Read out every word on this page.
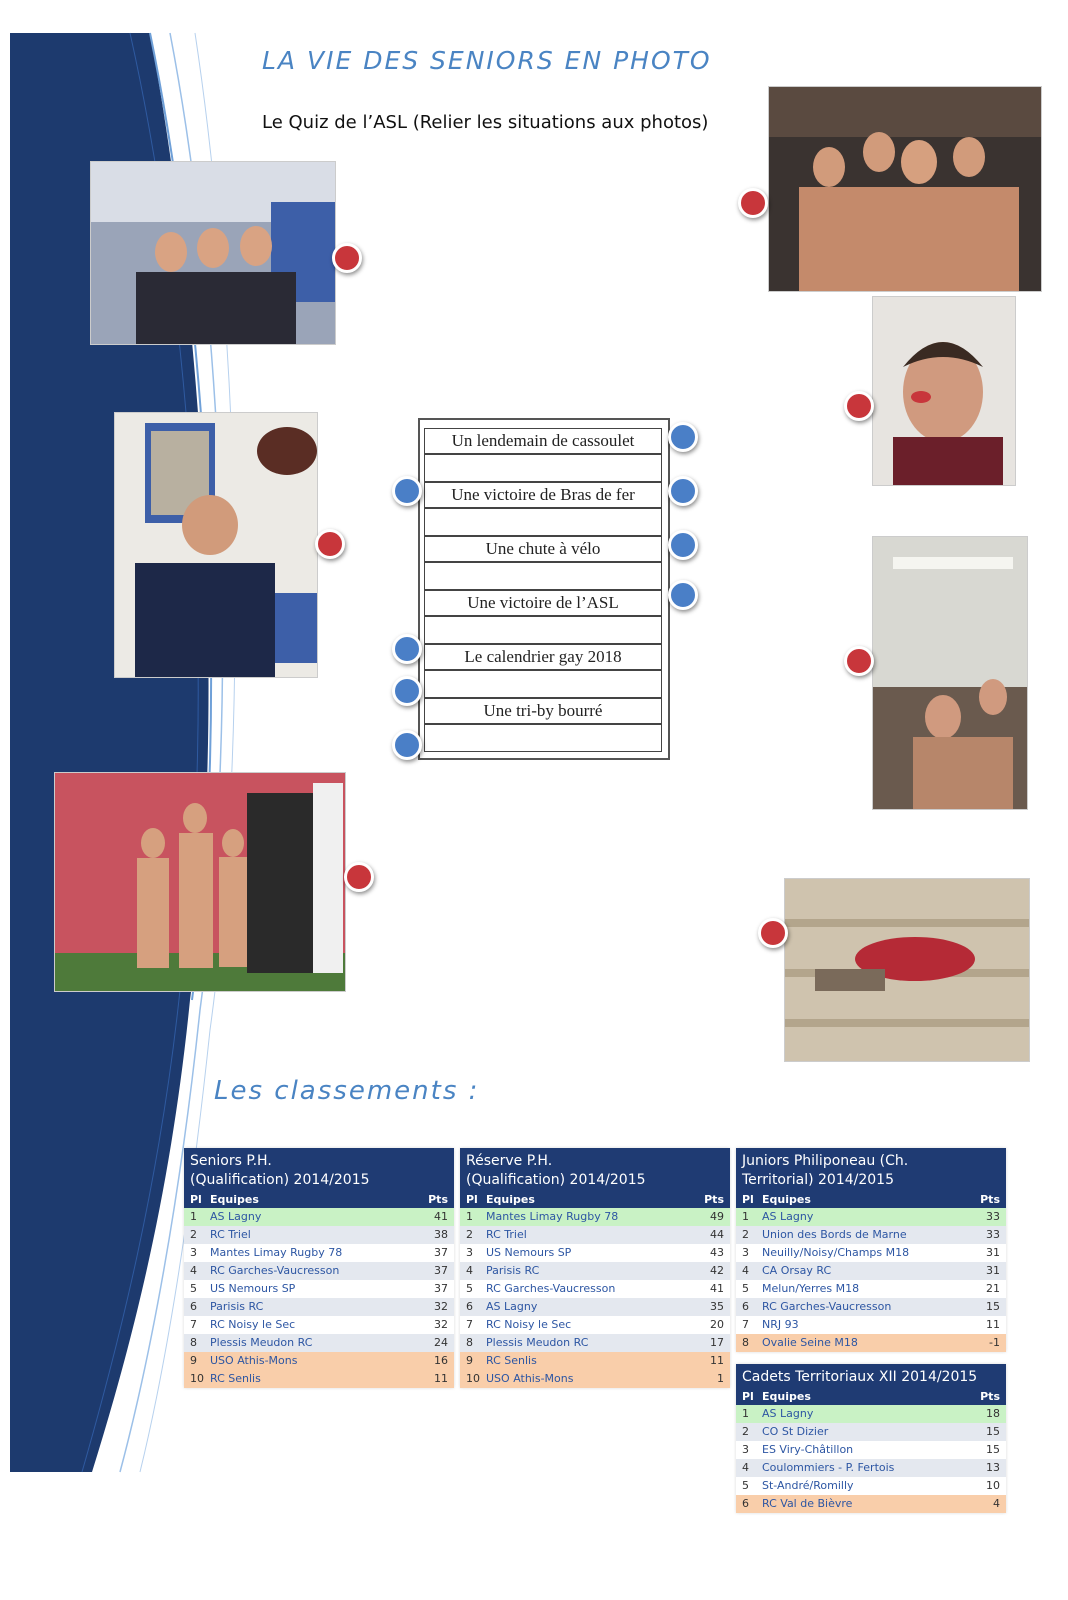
LA VIE DES SENIORS EN PHOTO
Le Quiz de l’ASL (Relier les situations aux photos)
Un lendemain de cassoulet
Une victoire de Bras de fer
Une chute à vélo
Une victoire de l’ASL
Le calendrier gay 2018
Une tri-by bourré
Les classements :
Seniors P.H.
(Qualification) 2014/2015
Pl Equipes	Pts
1	AS Lagny	41
2	RC Triel	38
3	Mantes Limay Rugby 78	37
4	RC Garches-Vaucresson	37
5	US Nemours SP	37
6	Parisis RC	32
7	RC Noisy le Sec	32
8	Plessis Meudon RC	24
9	USO Athis-Mons	16
10 RC Senlis	11
Réserve P.H.
(Qualification) 2014/2015
Pl Equipes	Pts
1	Mantes Limay Rugby 78	49
2	RC Triel	44
3	US Nemours SP	43
4	Parisis RC	42
5	RC Garches-Vaucresson	41
6	AS Lagny	35
7	RC Noisy le Sec	20
8	Plessis Meudon RC	17
9	RC Senlis	11
10 USO Athis-Mons	1
Juniors Philiponeau (Ch.
Territorial) 2014/2015
Pl Equipes	Pts
1	AS Lagny	33
2	Union des Bords de Marne	33
3	Neuilly/Noisy/Champs M18	31
4	CA Orsay RC	31
5	Melun/Yerres M18	21
6	RC Garches-Vaucresson	15
7	NRJ 93	11
8	Ovalie Seine M18	-1
Cadets Territoriaux XII 2014/2015
Pl Equipes	Pts
1	AS Lagny	18
2	CO St Dizier	15
3	ES Viry-Châtillon	15
4	Coulommiers - P. Fertois	13
5	St-André/Romilly	10
6	RC Val de Bièvre	4
